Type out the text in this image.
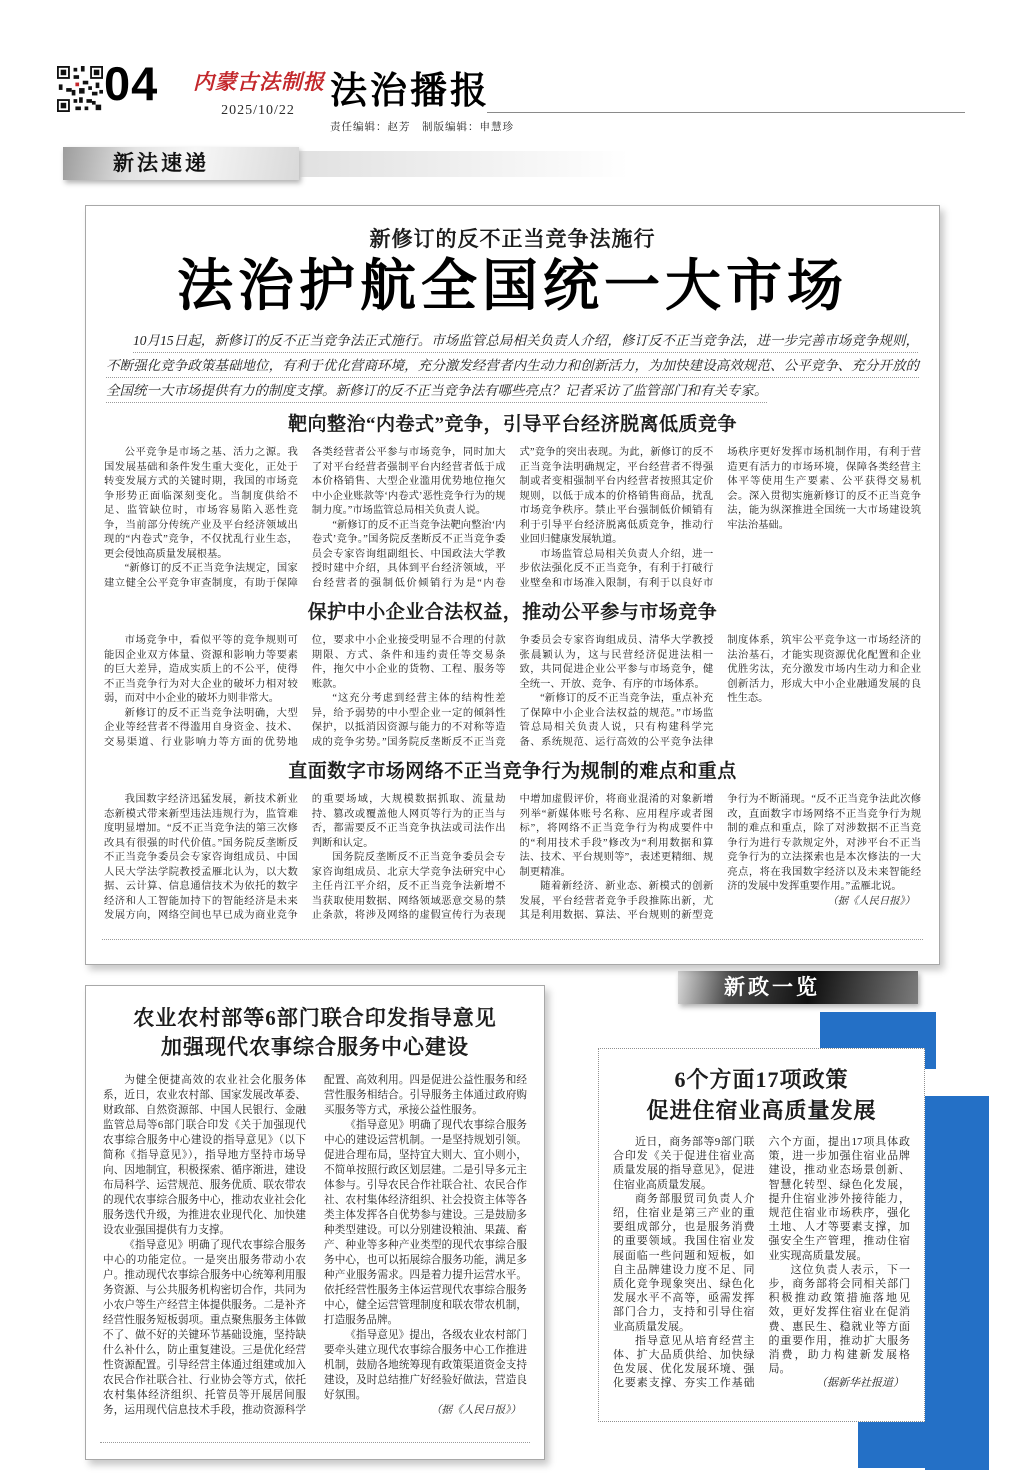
04 内蒙古法制报
2025/10/22 法治播报
责任编辑：赵芳　制版编辑：申慧珍
新法速递
新政一览
新修订的反不正当竞争法施行
法治护航全国统一大市场

10月15日起，新修订的反不正当竞争法正式施行。市场监管总局相关负责人介绍，修订反不正当竞争法，进一步完善市场竞争规则，不断强化竞争政策基础地位，有利于优化营商环境，充分激发经营者内生动力和创新活力，为加快建设高效规范、公平竞争、充分开放的全国统一大市场提供有力的制度支撑。新修订的反不正当竞争法有哪些亮点？记者采访了监管部门和有关专家。

靶向整治“内卷式”竞争，引导平台经济脱离低质竞争

公平竞争是市场之基、活力之源。我国发展基础和条件发生重大变化，正处于转变发展方式的关键时期，我国的市场竞争形势正面临深刻变化。当制度供给不足、监管缺位时，市场容易陷入恶性竞争，当前部分传统产业及平台经济领域出现的“内卷式”竞争，不仅扰乱行业生态，更会侵蚀高质量发展根基。

“新修订的反不正当竞争法规定，国家建立健全公平竞争审查制度，有助于保障各类经营者公平参与市场竞争，同时加大了对平台经营者强制平台内经营者低于成本价格销售、大型企业滥用优势地位拖欠中小企业账款等‘内卷式’恶性竞争行为的规制力度。”市场监管总局相关负责人说。

“新修订的反不正当竞争法靶向整治‘内卷式’竞争。”国务院反垄断反不正当竞争委员会专家咨询组副组长、中国政法大学教授时建中介绍，具体到平台经济领域，平台经营者的强制低价倾销行为是“内卷式”竞争的突出表现。为此，新修订的反不正当竞争法明确规定，平台经营者不得强制或者变相强制平台内经营者按照其定价规则，以低于成本的价格销售商品，扰乱市场竞争秩序。禁止平台强制低价倾销有利于引导平台经济脱离低质竞争，推动行业回归健康发展轨道。

市场监管总局相关负责人介绍，进一步依法强化反不正当竞争，有利于打破行业壁垒和市场准入限制，有利于以良好市场秩序更好发挥市场机制作用，有利于营造更有活力的市场环境，保障各类经营主体平等使用生产要素、公平获得交易机会。深入贯彻实施新修订的反不正当竞争法，能为纵深推进全国统一大市场建设筑牢法治基础。

保护中小企业合法权益，推动公平参与市场竞争

市场竞争中，看似平等的竞争规则可能因企业双方体量、资源和影响力等要素的巨大差异，造成实质上的不公平，使得不正当竞争行为对大企业的破坏力相对较弱，而对中小企业的破坏力则非常大。

新修订的反不正当竞争法明确，大型企业等经营者不得滥用自身资金、技术、交易渠道、行业影响力等方面的优势地位，要求中小企业接受明显不合理的付款期限、方式、条件和违约责任等交易条件，拖欠中小企业的货物、工程、服务等账款。

“这充分考虑到经营主体的结构性差异，给予弱势的中小型企业一定的倾斜性保护，以抵消因资源与能力的不对称等造成的竞争劣势。”国务院反垄断反不正当竞争委员会专家咨询组成员、清华大学教授张晨颖认为，这与民营经济促进法相一致，共同促进企业公平参与市场竞争，健全统一、开放、竞争、有序的市场体系。

“新修订的反不正当竞争法，重点补充了保障中小企业合法权益的规范。”市场监管总局相关负责人说，只有构建科学完备、系统规范、运行高效的公平竞争法律制度体系，筑牢公平竞争这一市场经济的法治基石，才能实现资源优化配置和企业优胜劣汰，充分激发市场内生动力和企业创新活力，形成大中小企业融通发展的良性生态。

直面数字市场网络不正当竞争行为规制的难点和重点

我国数字经济迅猛发展，新技术新业态新模式带来新型违法违规行为，监管难度明显增加。“反不正当竞争法的第三次修改具有很强的时代价值。”国务院反垄断反不正当竞争委员会专家咨询组成员、中国人民大学法学院教授孟雁北认为，以大数据、云计算、信息通信技术为依托的数字经济和人工智能加持下的智能经济是未来发展方向，网络空间也早已成为商业竞争的重要场域，大规模数据抓取、流量劫持、篡改或覆盖他人网页等行为的正当与否，都需要反不正当竞争执法或司法作出判断和认定。

国务院反垄断反不正当竞争委员会专家咨询组成员、北京大学竞争法研究中心主任肖江平介绍，反不正当竞争法新增不当获取使用数据、网络领域恶意交易的禁止条款，将涉及网络的虚假宣传行为表现中增加虚假评价，将商业混淆的对象新增列举“新媒体账号名称、应用程序或者图标”，将网络不正当竞争行为构成要件中的“利用技术手段”修改为“利用数据和算法、技术、平台规则等”，表述更精细、规制更精准。

随着新经济、新业态、新模式的创新发展，平台经营者竞争手段推陈出新，尤其是利用数据、算法、平台规则的新型竞争行为不断涌现。“反不正当竞争法此次修改，直面数字市场网络不正当竞争行为规制的难点和重点，除了对涉数据不正当竞争行为进行专款规定外，对涉平台不正当竞争行为的立法探索也是本次修法的一大亮点，将在我国数字经济以及未来智能经济的发展中发挥重要作用。”孟雁北说。

（据《人民日报》）
农业农村部等6部门联合印发指导意见
加强现代农事综合服务中心建设

为健全便捷高效的农业社会化服务体系，近日，农业农村部、国家发展改革委、财政部、自然资源部、中国人民银行、金融监管总局等6部门联合印发《关于加强现代农事综合服务中心建设的指导意见》（以下简称《指导意见》），指导地方坚持市场导向、因地制宜，积极探索、循序渐进，建设布局科学、运营规范、服务优质、联农带农的现代农事综合服务中心，推动农业社会化服务迭代升级，为推进农业现代化、加快建设农业强国提供有力支撑。

《指导意见》明确了现代农事综合服务中心的功能定位。一是突出服务带动小农户。推动现代农事综合服务中心统筹利用服务资源、与公共服务机构密切合作，共同为小农户等生产经营主体提供服务。二是补齐经营性服务短板弱项。重点聚焦服务主体做不了、做不好的关键环节基础设施，坚持缺什么补什么，防止重复建设。三是优化经营性资源配置。引导经营主体通过组建或加入农民合作社联合社、行业协会等方式，依托农村集体经济组织、托管员等开展居间服务，运用现代信息技术手段，推动资源科学配置、高效利用。四是促进公益性服务和经营性服务相结合。引导服务主体通过政府购买服务等方式，承接公益性服务。

《指导意见》明确了现代农事综合服务中心的建设运营机制。一是坚持规划引领。促进合理布局，坚持宜大则大、宜小则小，不简单按照行政区划层建。二是引导多元主体参与。引导农民合作社联合社、农民合作社、农村集体经济组织、社会投资主体等各类主体发挥各自优势参与建设。三是鼓励多种类型建设。可以分别建设粮油、果蔬、畜产、种业等多种产业类型的现代农事综合服务中心，也可以拓展综合服务功能，满足多种产业服务需求。四是着力提升运营水平。依托经营性服务主体运营现代农事综合服务中心，健全运营管理制度和联农带农机制，打造服务品牌。

《指导意见》提出，各级农业农村部门要牵头建立现代农事综合服务中心工作推进机制，鼓励各地统筹现有政策渠道资金支持建设，及时总结推广好经验好做法，营造良好氛围。

（据《人民日报》）
6个方面17项政策
促进住宿业高质量发展

近日，商务部等9部门联合印发《关于促进住宿业高质量发展的指导意见》，促进住宿业高质量发展。

商务部服贸司负责人介绍，住宿业是第三产业的重要组成部分，也是服务消费的重要领域。我国住宿业发展面临一些问题和短板，如自主品牌建设力度不足、同质化竞争现象突出、绿色化发展水平不高等，亟需发挥部门合力，支持和引导住宿业高质量发展。

指导意见从培育经营主体、扩大品质供给、加快绿色发展、优化发展环境、强化要素支撑、夯实工作基础六个方面，提出17项具体政策，进一步加强住宿业品牌建设，推动业态场景创新、智慧化转型、绿色化发展，提升住宿业涉外接待能力，规范住宿业市场秩序，强化土地、人才等要素支撑，加强安全生产管理，推动住宿业实现高质量发展。

这位负责人表示，下一步，商务部将会同相关部门积极推动政策措施落地见效，更好发挥住宿业在促消费、惠民生、稳就业等方面的重要作用，推动扩大服务消费，助力构建新发展格局。

（据新华社报道）
